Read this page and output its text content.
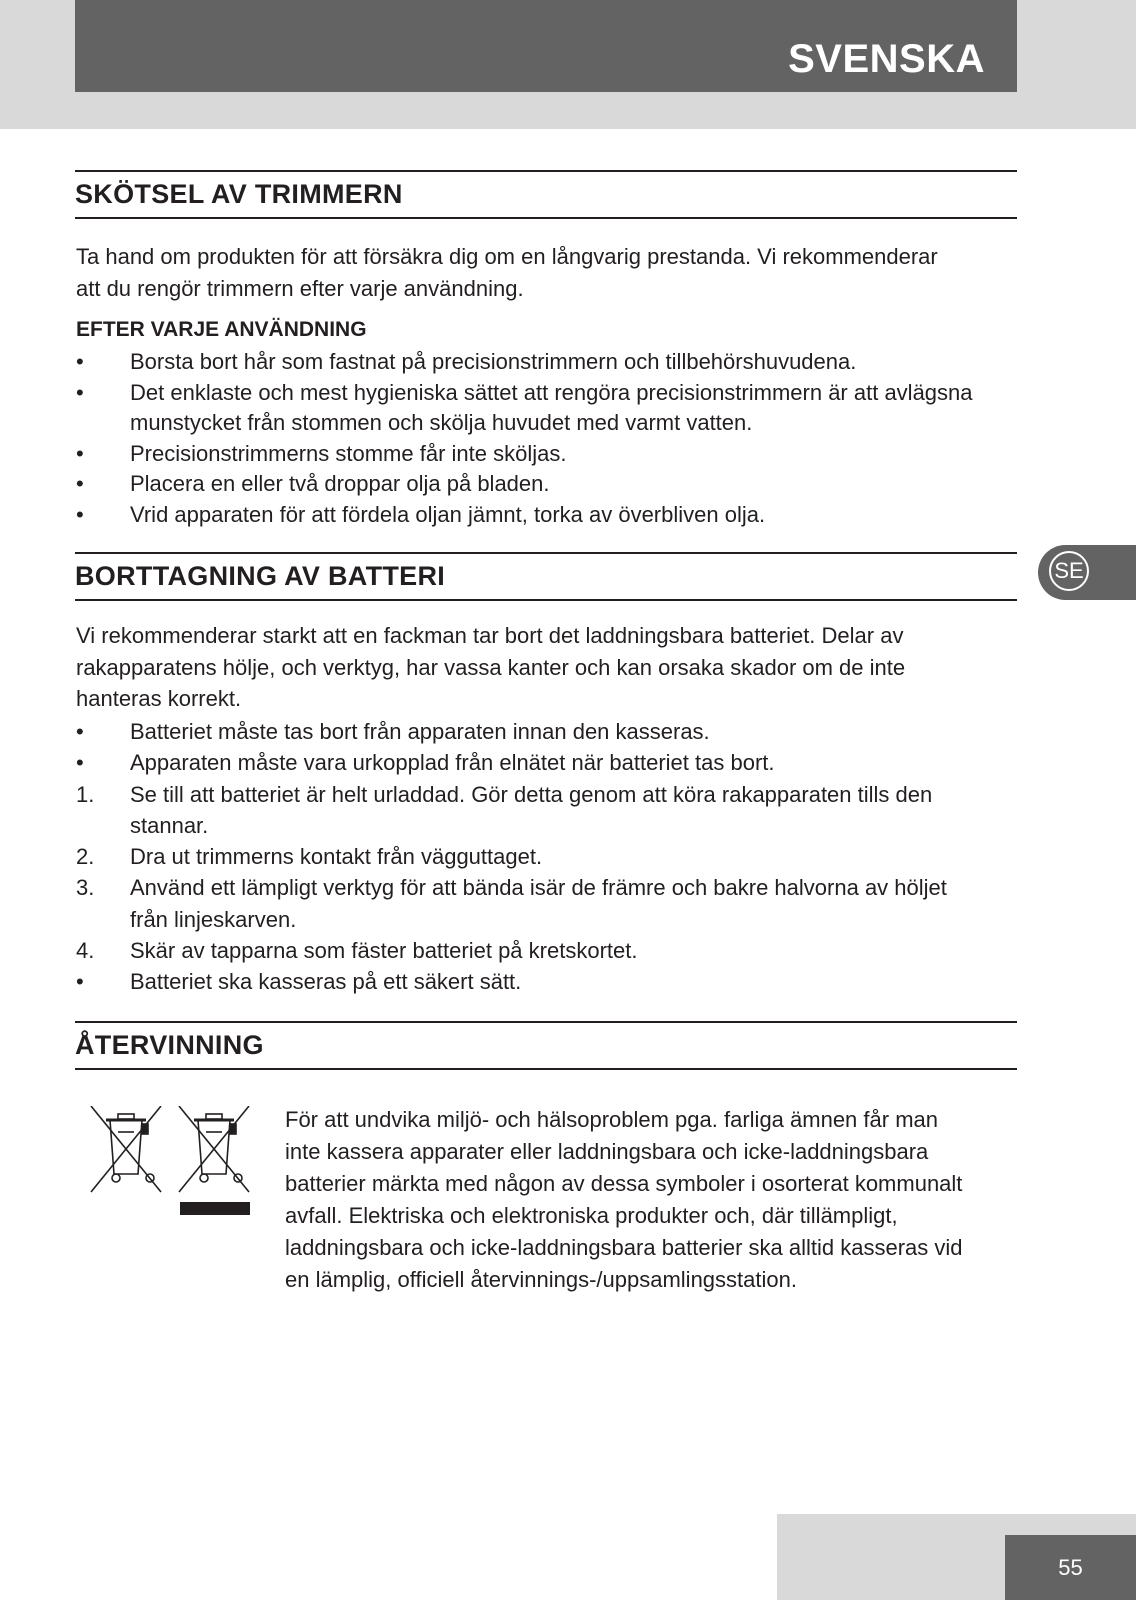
SVENSKA
SKÖTSEL AV TRIMMERN

Ta hand om produkten för att försäkra dig om en långvarig prestanda. Vi rekommenderar
att du rengör trimmern efter varje användning.

EFTER VARJE ANVÄNDNING

• Borsta bort hår som fastnat på precisionstrimmern och tillbehörshuvudena.
• Det enklaste och mest hygieniska sättet att rengöra precisionstrimmern är att avlägsna
munstycket från stommen och skölja huvudet med varmt vatten.
• Precisionstrimmerns stomme får inte sköljas.
• Placera en eller två droppar olja på bladen.
• Vrid apparaten för att fördela oljan jämnt, torka av överbliven olja.
BORTTAGNING AV BATTERI

Vi rekommenderar starkt att en fackman tar bort det laddningsbara batteriet. Delar av
rakapparatens hölje, och verktyg, har vassa kanter och kan orsaka skador om de inte
hanteras korrekt.

• Batteriet måste tas bort från apparaten innan den kasseras.
• Apparaten måste vara urkopplad från elnätet när batteriet tas bort.
1. Se till att batteriet är helt urladdad. Gör detta genom att köra rakapparaten tills den
stannar.
2. Dra ut trimmerns kontakt från vägguttaget.
3. Använd ett lämpligt verktyg för att bända isär de främre och bakre halvorna av höljet
från linjeskarven.
4. Skär av tapparna som fäster batteriet på kretskortet.
• Batteriet ska kasseras på ett säkert sätt.
ÅTERVINNING

För att undvika miljö- och hälsoproblem pga. farliga ämnen får man
inte kassera apparater eller laddningsbara och icke-laddningsbara
batterier märkta med någon av dessa symboler i osorterat kommunalt
avfall. Elektriska och elektroniska produkter och, där tillämpligt,
laddningsbara och icke-laddningsbara batterier ska alltid kasseras vid
en lämplig, officiell återvinnings-/uppsamlingsstation.

SE
55
